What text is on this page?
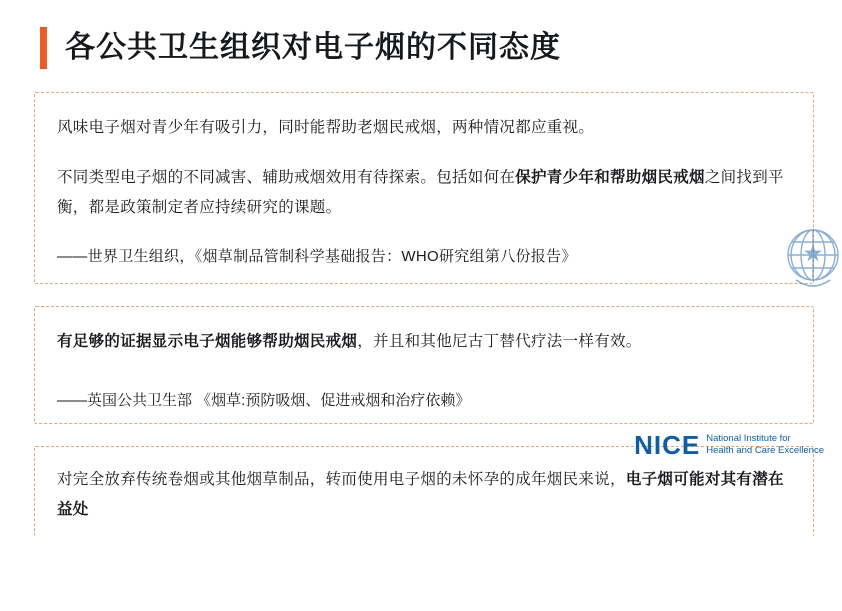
各公共卫生组织对电子烟的不同态度

风味电子烟对青少年有吸引力，同时能帮助老烟民戒烟，两种情况都应重视。

不同类型电子烟的不同减害、辅助戒烟效用有待探索。包括如何在保护青少年和帮助烟民戒烟之间找到平衡，都是政策制定者应持续研究的课题。

——世界卫生组织，《烟草制品管制科学基础报告：WHO研究组第八份报告》

有足够的证据显示电子烟能够帮助烟民戒烟，并且和其他尼古丁替代疗法一样有效。

——英国公共卫生部 《烟草:预防吸烟、促进戒烟和治疗依赖》

对完全放弃传统卷烟或其他烟草制品，转而使用电子烟的未怀孕的成年烟民来说，电子烟可能对其有潜在益处

NICE National Institute for
Health and Care Excellence
